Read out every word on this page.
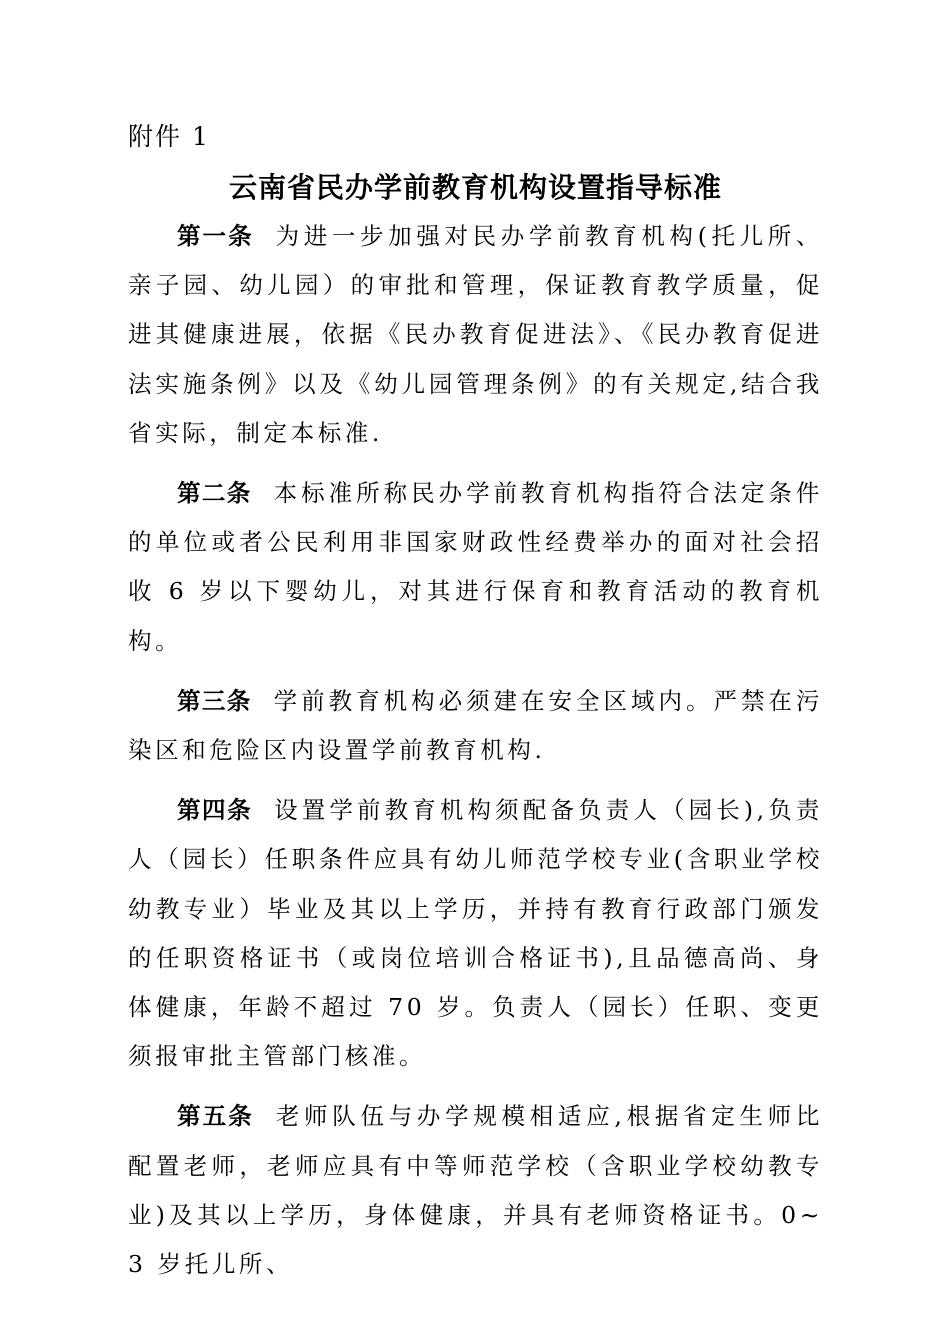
附件 1
云南省民办学前教育机构设置指导标准

第一条 为进一步加强对民办学前教育机构(托儿所、亲子园、幼儿园）的审批和管理，保证教育教学质量，促进其健康进展，依据《民办教育促进法》、《民办教育促进法实施条例》以及《幼儿园管理条例》的有关规定,结合我省实际，制定本标准.

第二条 本标准所称民办学前教育机构指符合法定条件的单位或者公民利用非国家财政性经费举办的面对社会招收 6 岁以下婴幼儿，对其进行保育和教育活动的教育机构。

第三条 学前教育机构必须建在安全区域内。严禁在污染区和危险区内设置学前教育机构.

第四条 设置学前教育机构须配备负责人（园长),负责人（园长）任职条件应具有幼儿师范学校专业(含职业学校幼教专业）毕业及其以上学历，并持有教育行政部门颁发的任职资格证书（或岗位培训合格证书),且品德高尚、身体健康，年龄不超过 70 岁。负责人（园长）任职、变更须报审批主管部门核准。

第五条 老师队伍与办学规模相适应,根据省定生师比配置老师，老师应具有中等师范学校（含职业学校幼教专业)及其以上学历，身体健康，并具有老师资格证书。0~3 岁托儿所、
